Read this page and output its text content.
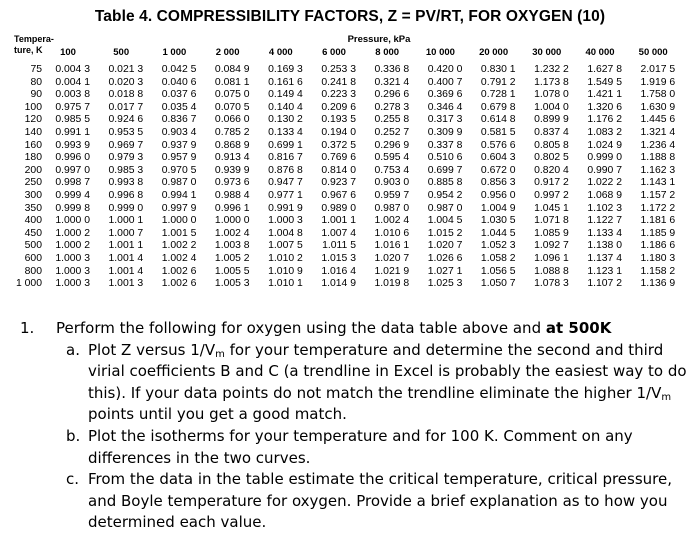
Table 4. COMPRESSIBILITY FACTORS, Z = PV/RT, FOR OXYGEN (10)
Tempera-
ture, K
Pressure, kPa
100	500	1 000	2 000	4 000	6 000	8 000	10 000	20 000	30 000	40 000	50 000
75	0.004 3	0.021 3	0.042 5	0.084 9	0.169 3	0.253 3	0.336 8	0.420 0	0.830 1	1.232 2	1.627 8	2.017 5
80	0.004 1	0.020 3	0.040 6	0.081 1	0.161 6	0.241 8	0.321 4	0.400 7	0.791 2	1.173 8	1.549 5	1.919 6
90	0.003 8	0.018 8	0.037 6	0.075 0	0.149 4	0.223 3	0.296 6	0.369 6	0.728 1	1.078 0	1.421 1	1.758 0
100	0.975 7	0.017 7	0.035 4	0.070 5	0.140 4	0.209 6	0.278 3	0.346 4	0.679 8	1.004 0	1.320 6	1.630 9
120	0.985 5	0.924 6	0.836 7	0.066 0	0.130 2	0.193 5	0.255 8	0.317 3	0.614 8	0.899 9	1.176 2	1.445 6
140	0.991 1	0.953 5	0.903 4	0.785 2	0.133 4	0.194 0	0.252 7	0.309 9	0.581 5	0.837 4	1.083 2	1.321 4
160	0.993 9	0.969 7	0.937 9	0.868 9	0.699 1	0.372 5	0.296 9	0.337 8	0.576 6	0.805 8	1.024 9	1.236 4
180	0.996 0	0.979 3	0.957 9	0.913 4	0.816 7	0.769 6	0.595 4	0.510 6	0.604 3	0.802 5	0.999 0	1.188 8
200	0.997 0	0.985 3	0.970 5	0.939 9	0.876 8	0.814 0	0.753 4	0.699 7	0.672 0	0.820 4	0.990 7	1.162 3
250	0.998 7	0.993 8	0.987 0	0.973 6	0.947 7	0.923 7	0.903 0	0.885 8	0.856 3	0.917 2	1.022 2	1.143 1
300	0.999 4	0.996 8	0.994 1	0.988 4	0.977 1	0.967 6	0.959 7	0.954 2	0.956 0	0.997 2	1.068 9	1.157 2
350	0.999 8	0.999 0	0.997 9	0.996 1	0.991 9	0.989 0	0.987 0	0.987 0	1.004 9	1.045 1	1.102 3	1.172 2
400	1.000 0	1.000 1	1.000 0	1.000 0	1.000 3	1.001 1	1.002 4	1.004 5	1.030 5	1.071 8	1.122 7	1.181 6
450	1.000 2	1.000 7	1.001 5	1.002 4	1.004 8	1.007 4	1.010 6	1.015 2	1.044 5	1.085 9	1.133 4	1.185 9
500	1.000 2	1.001 1	1.002 2	1.003 8	1.007 5	1.011 5	1.016 1	1.020 7	1.052 3	1.092 7	1.138 0	1.186 6
600	1.000 3	1.001 4	1.002 4	1.005 2	1.010 2	1.015 3	1.020 7	1.026 6	1.058 2	1.096 1	1.137 4	1.180 3
800	1.000 3	1.001 4	1.002 6	1.005 5	1.010 9	1.016 4	1.021 9	1.027 1	1.056 5	1.088 8	1.123 1	1.158 2
1 000	1.000 3	1.001 3	1.002 6	1.005 3	1.010 1	1.014 9	1.019 8	1.025 3	1.050 7	1.078 3	1.107 2	1.136 9
1. Perform the following for oxygen using the data table above and at 500K
a. Plot Z versus $1/V_m$ for your temperature and determine the second and third virial coefficients B and C (a trendline in Excel is probably the easiest way to do this). If your data points do not match the trendline eliminate the higher $1/V_m$ points until you get a good match.
b. Plot the isotherms for your temperature and for 100 K. Comment on any differences in the two curves.
c. From the data in the table estimate the critical temperature, critical pressure, and Boyle temperature for oxygen. Provide a brief explanation as to how you determined each value.
